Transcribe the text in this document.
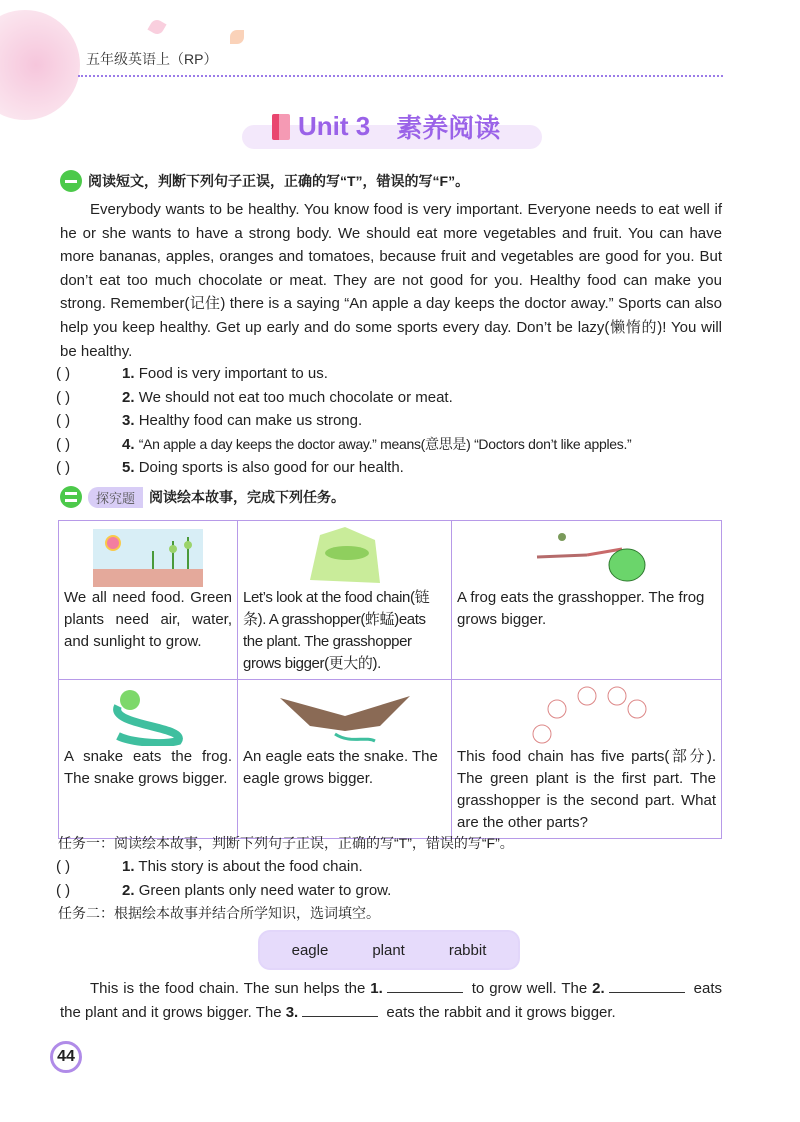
五年级英语上（RP）
Unit 3 素养阅读
阅读短文，判断下列句子正误，正确的写“T”，错误的写“F”。

Everybody wants to be healthy. You know food is very important. Everyone needs to eat well if he or she wants to have a strong body. We should eat more vegetables and fruit. You can have more bananas, apples, oranges and tomatoes, because fruit and vegetables are good for you. But don’t eat too much chocolate or meat. They are not good for you. Healthy food can make you strong. Remember(记住) there is a saying “An apple a day keeps the doctor away.” Sports can also help you keep healthy. Get up early and do some sports every day. Don’t be lazy(懒惰的)! You will be healthy.

( )	1. Food is very important to us.
( )	2. We should not eat too much chocolate or meat.
( )	3. Healthy food can make us strong.
( )	4. “An apple a day keeps the doctor away.” means(意思是) “Doctors don’t like apples.”
( )	5. Doing sports is also good for our health.
探究题	阅读绘本故事，完成下列任务。
We all need food. Green plants need air, water, and sunlight to grow.	Let’s look at the food chain(链条). A grasshopper(蚱蜢)eats the plant. The grasshopper grows bigger(更大的).	A frog eats the grasshopper. The frog grows bigger.

A snake eats the frog. The snake grows bigger.	An eagle eats the snake. The eagle grows bigger.	This food chain has five parts(部分). The green plant is the first part. The grasshopper is the second part. What are the other parts?
任务一：阅读绘本故事，判断下列句子正误，正确的写“T”，错误的写“F”。
( )	1. This story is about the food chain.
( )	2. Green plants only need water to grow.
任务二：根据绘本故事并结合所学知识，选词填空。
eagle	plant	rabbit

This is the food chain. The sun helps the 1.	to grow well. The 2.	eats the plant and it grows bigger. The 3.	eats the rabbit and it grows bigger.

44
